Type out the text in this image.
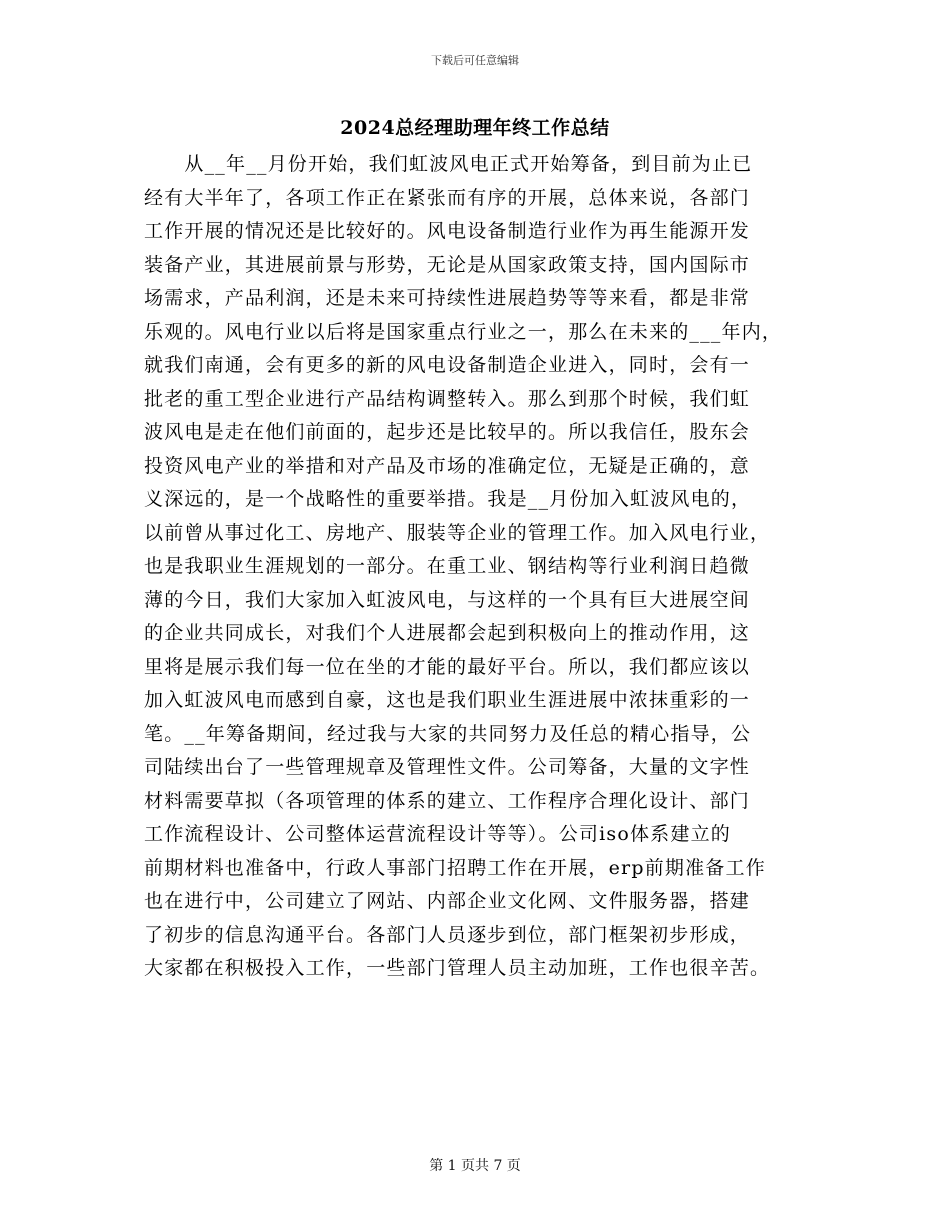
下载后可任意编辑
2024总经理助理年终工作总结
　　从__年__月份开始，我们虹波风电正式开始筹备，到目前为止已
经有大半年了，各项工作正在紧张而有序的开展，总体来说，各部门
工作开展的情况还是比较好的。风电设备制造行业作为再生能源开发
装备产业，其进展前景与形势，无论是从国家政策支持，国内国际市
场需求，产品利润，还是未来可持续性进展趋势等等来看，都是非常
乐观的。风电行业以后将是国家重点行业之一，那么在未来的___年内，
就我们南通，会有更多的新的风电设备制造企业进入，同时，会有一
批老的重工型企业进行产品结构调整转入。那么到那个时候，我们虹
波风电是走在他们前面的，起步还是比较早的。所以我信任，股东会
投资风电产业的举措和对产品及市场的准确定位，无疑是正确的，意
义深远的，是一个战略性的重要举措。我是__月份加入虹波风电的，
以前曾从事过化工、房地产、服装等企业的管理工作。加入风电行业，
也是我职业生涯规划的一部分。在重工业、钢结构等行业利润日趋微
薄的今日，我们大家加入虹波风电，与这样的一个具有巨大进展空间
的企业共同成长，对我们个人进展都会起到积极向上的推动作用，这
里将是展示我们每一位在坐的才能的最好平台。所以，我们都应该以
加入虹波风电而感到自豪，这也是我们职业生涯进展中浓抹重彩的一
笔。__年筹备期间，经过我与大家的共同努力及任总的精心指导，公
司陆续出台了一些管理规章及管理性文件。公司筹备，大量的文字性
材料需要草拟（各项管理的体系的建立、工作程序合理化设计、部门
工作流程设计、公司整体运营流程设计等等）。公司iso体系建立的
前期材料也准备中，行政人事部门招聘工作在开展，erp前期准备工作
也在进行中，公司建立了网站、内部企业文化网、文件服务器，搭建
了初步的信息沟通平台。各部门人员逐步到位，部门框架初步形成，
大家都在积极投入工作，一些部门管理人员主动加班，工作也很辛苦。
第 1 页共 7 页
